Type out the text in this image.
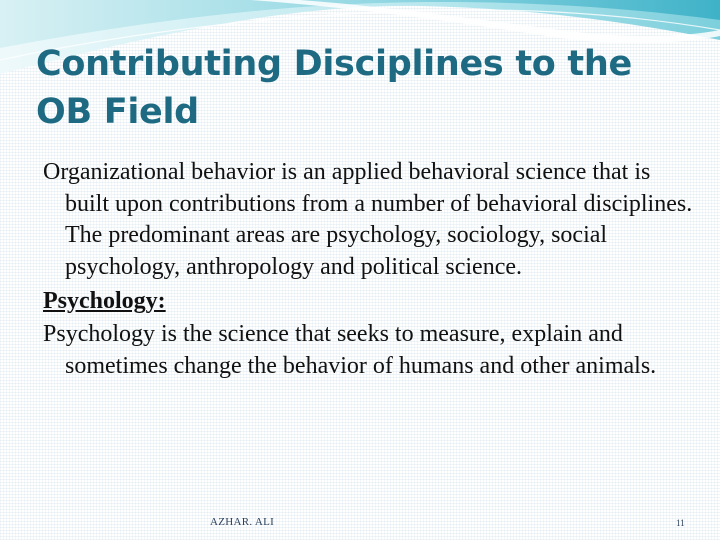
Contributing Disciplines to the OB Field

Organizational behavior is an applied behavioral science that is built upon contributions from a number of behavioral disciplines. The predominant areas are psychology, sociology, social psychology, anthropology and political science.

Psychology:

Psychology is the science that seeks to measure, explain and sometimes change the behavior of humans and other animals.

AZHAR. ALI	11
